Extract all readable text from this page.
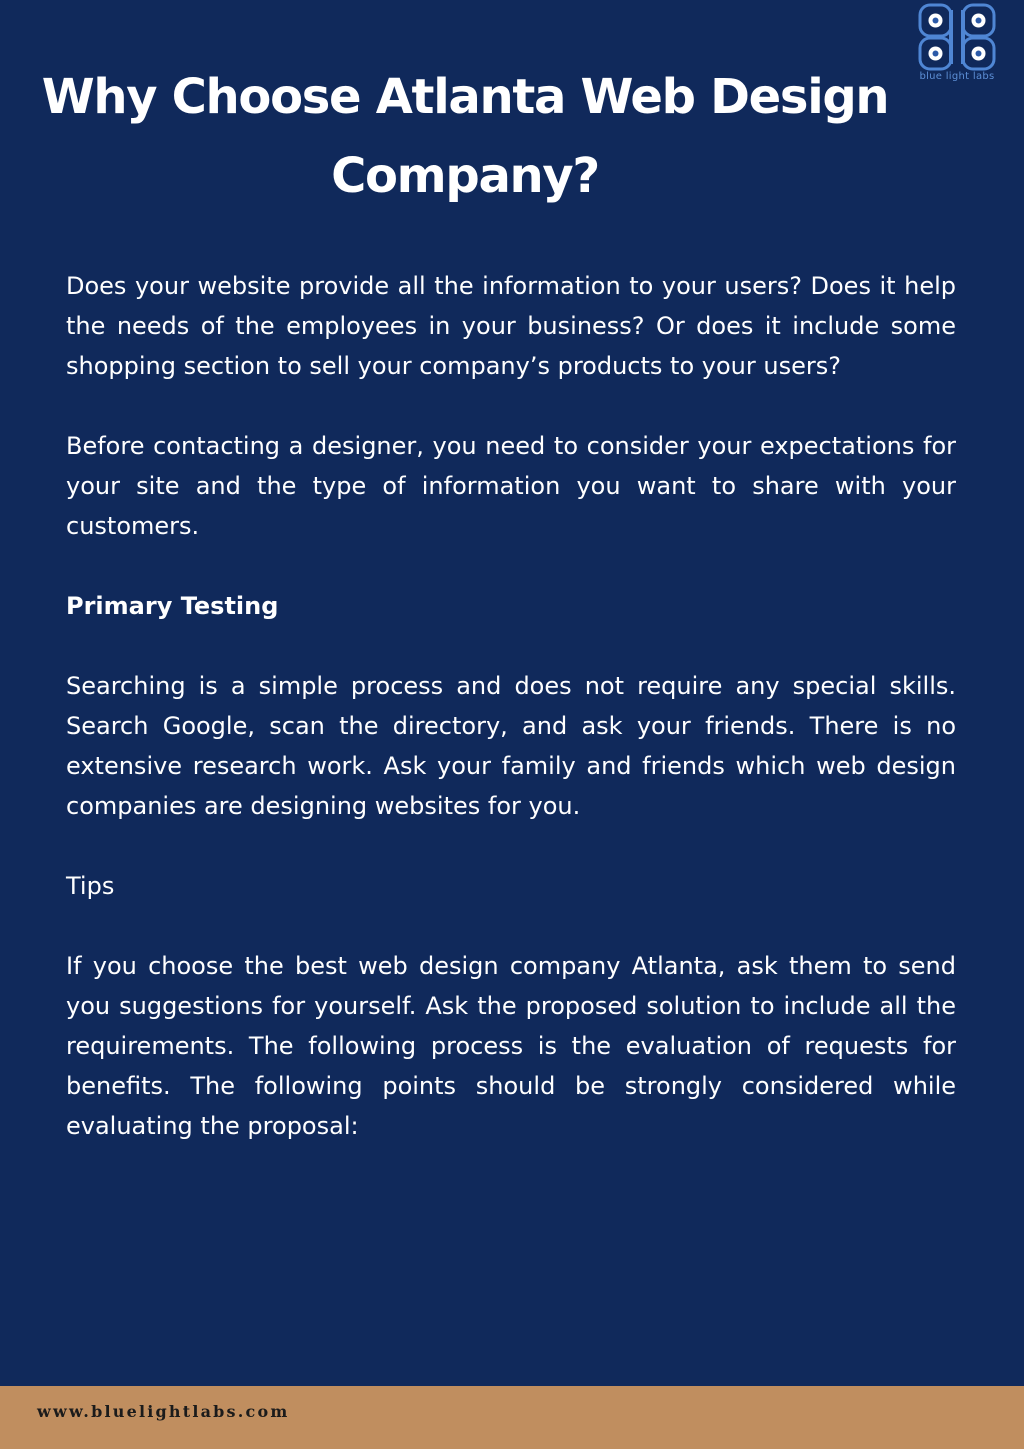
blue light labs
Why Choose Atlanta Web Design Company?

Does your website provide all the information to your users? Does it help the needs of the employees in your business? Or does it include some shopping section to sell your company’s products to your users?

Before contacting a designer, you need to consider your expectations for your site and the type of information you want to share with your customers.

Primary Testing

Searching is a simple process and does not require any special skills. Search Google, scan the directory, and ask your friends. There is no extensive research work. Ask your family and friends which web design companies are designing websites for you.

Tips

If you choose the best web design company Atlanta, ask them to send you suggestions for yourself. Ask the proposed solution to include all the requirements. The following process is the evaluation of requests for benefits. The following points should be strongly considered while evaluating the proposal:

www.bluelightlabs.com
